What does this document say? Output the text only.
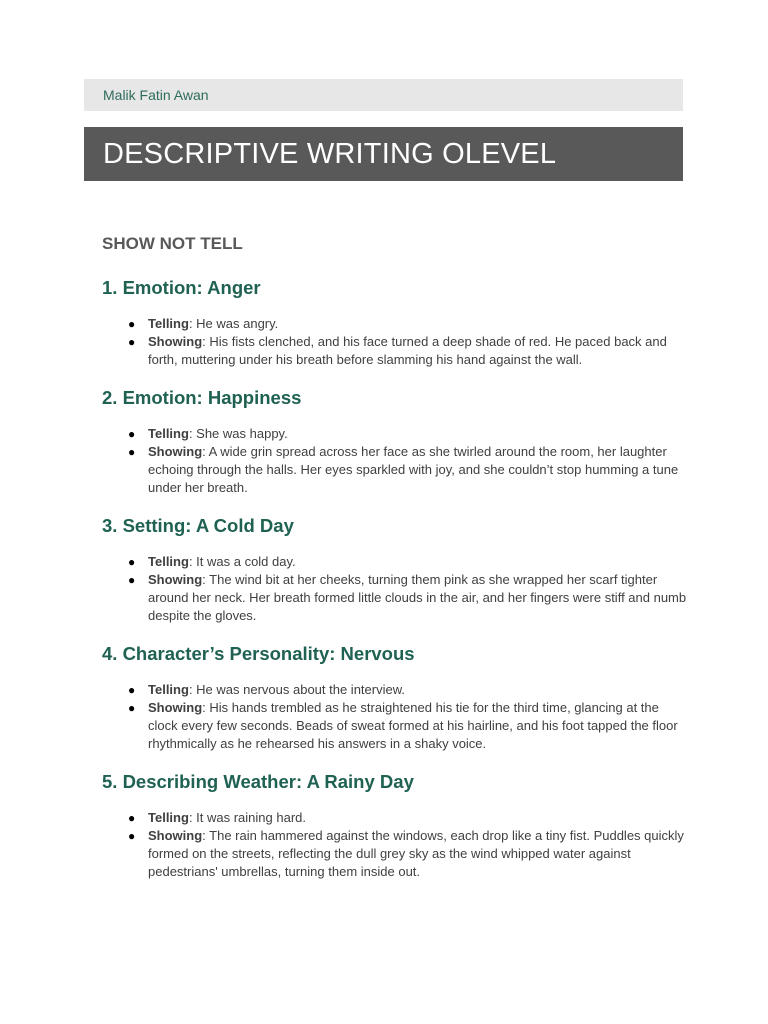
Malik Fatin Awan
DESCRIPTIVE WRITING OLEVEL
SHOW NOT TELL
1. Emotion: Anger
● Telling: He was angry.
● Showing: His fists clenched, and his face turned a deep shade of red. He paced back and forth, muttering under his breath before slamming his hand against the wall.
2. Emotion: Happiness
● Telling: She was happy.
● Showing: A wide grin spread across her face as she twirled around the room, her laughter echoing through the halls. Her eyes sparkled with joy, and she couldn’t stop humming a tune under her breath.
3. Setting: A Cold Day
● Telling: It was a cold day.
● Showing: The wind bit at her cheeks, turning them pink as she wrapped her scarf tighter around her neck. Her breath formed little clouds in the air, and her fingers were stiff and numb despite the gloves.
4. Character’s Personality: Nervous
● Telling: He was nervous about the interview.
● Showing: His hands trembled as he straightened his tie for the third time, glancing at the clock every few seconds. Beads of sweat formed at his hairline, and his foot tapped the floor rhythmically as he rehearsed his answers in a shaky voice.
5. Describing Weather: A Rainy Day
● Telling: It was raining hard.
● Showing: The rain hammered against the windows, each drop like a tiny fist. Puddles quickly formed on the streets, reflecting the dull grey sky as the wind whipped water against pedestrians' umbrellas, turning them inside out.
